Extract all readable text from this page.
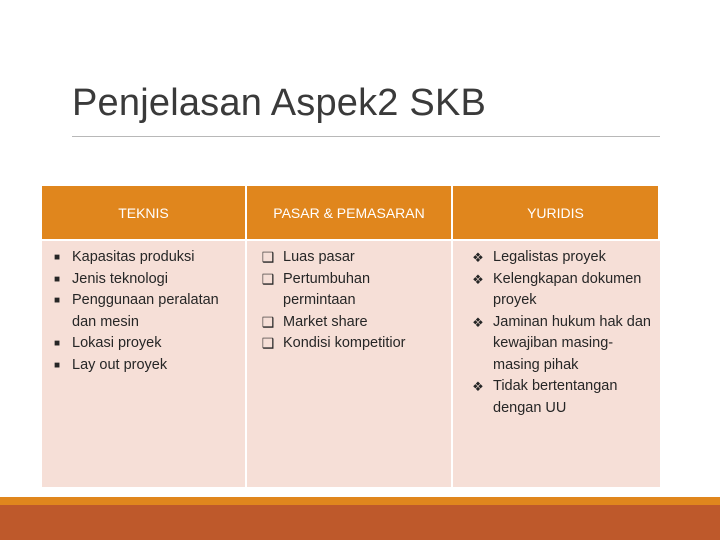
Penjelasan Aspek2 SKB
TEKNIS	PASAR & PEMASARAN	YURIDIS
■ Kapasitas produksi
■ Jenis teknologi
■ Penggunaan peralatan dan mesin
■ Lokasi proyek
■ Lay out proyek
❑ Luas pasar
❑ Pertumbuhan permintaan
❑ Market share
❑ Kondisi kompetitior
❖ Legalistas proyek
❖ Kelengkapan dokumen proyek
❖ Jaminan hukum hak dan kewajiban masing-masing pihak
❖ Tidak bertentangan dengan UU
